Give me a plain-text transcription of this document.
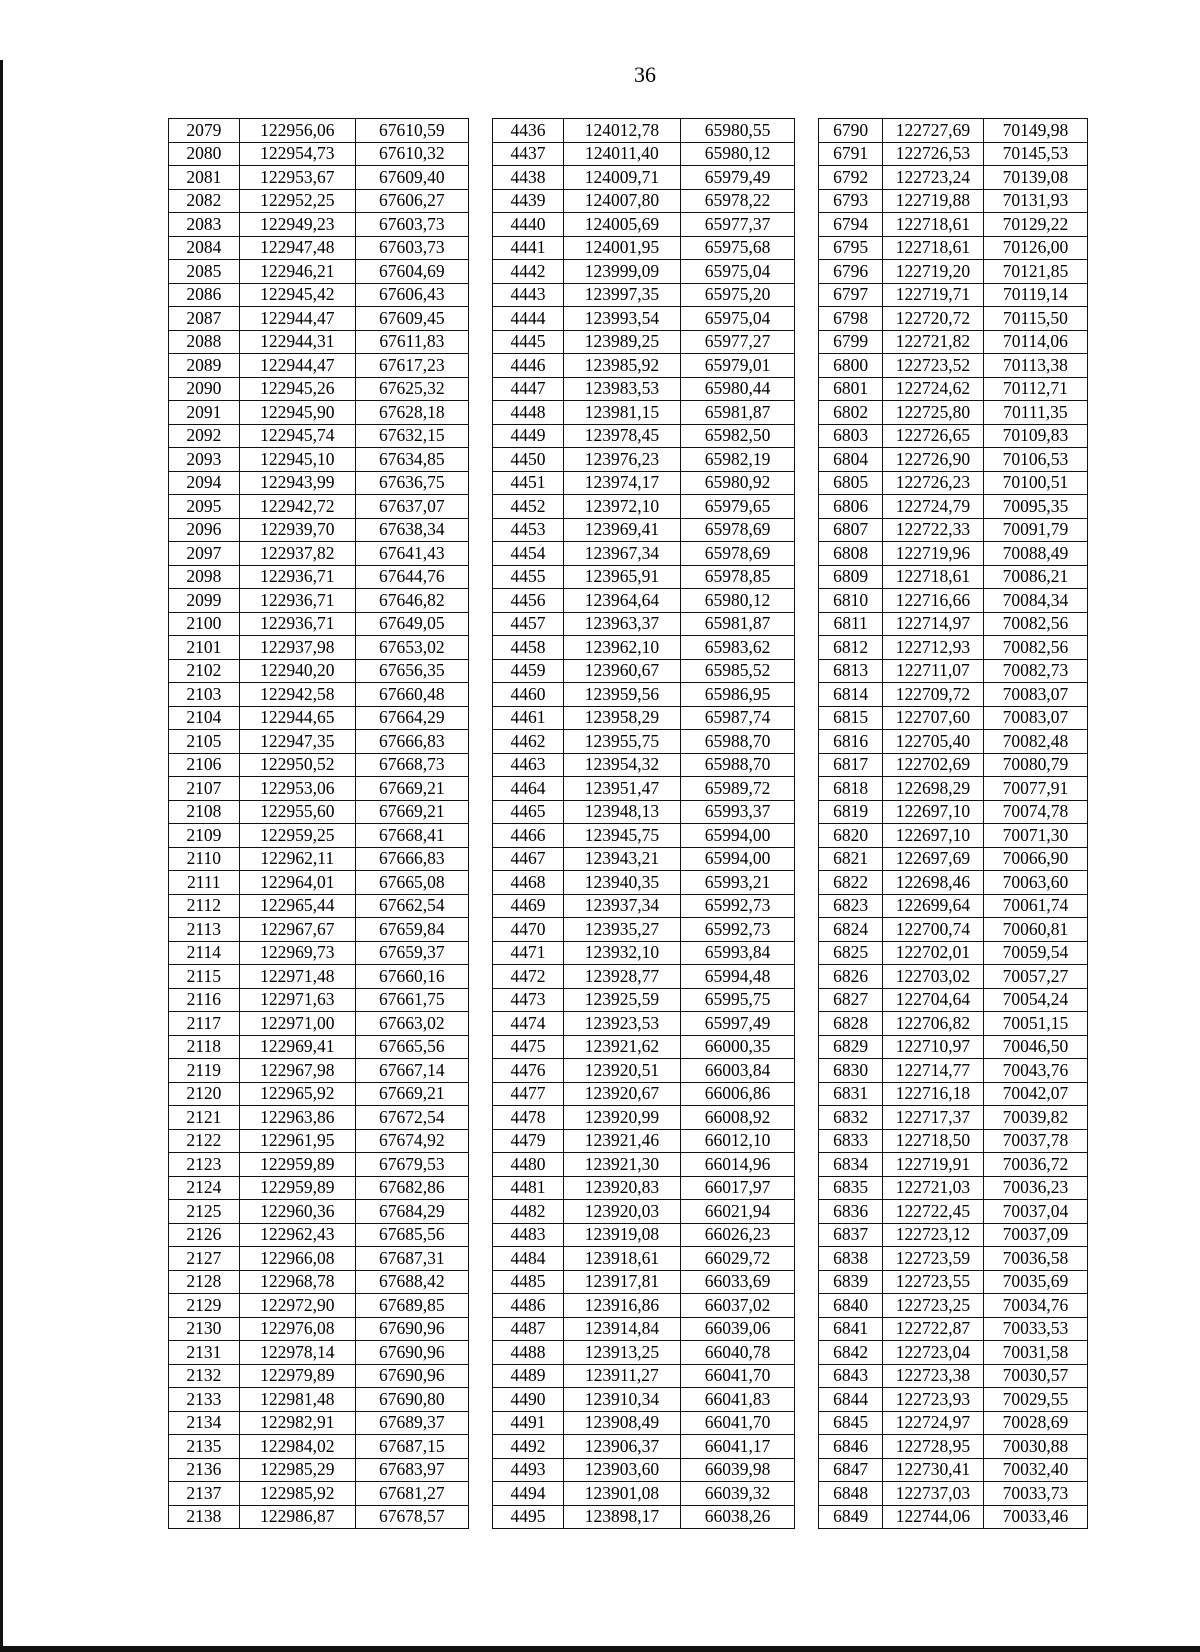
36
2079	122956,06	67610,59		4436	124012,78	65980,55		6790	122727,69	70149,98
2080	122954,73	67610,32		4437	124011,40	65980,12		6791	122726,53	70145,53
2081	122953,67	67609,40		4438	124009,71	65979,49		6792	122723,24	70139,08
2082	122952,25	67606,27		4439	124007,80	65978,22		6793	122719,88	70131,93
2083	122949,23	67603,73		4440	124005,69	65977,37		6794	122718,61	70129,22
2084	122947,48	67603,73		4441	124001,95	65975,68		6795	122718,61	70126,00
2085	122946,21	67604,69		4442	123999,09	65975,04		6796	122719,20	70121,85
2086	122945,42	67606,43		4443	123997,35	65975,20		6797	122719,71	70119,14
2087	122944,47	67609,45		4444	123993,54	65975,04		6798	122720,72	70115,50
2088	122944,31	67611,83		4445	123989,25	65977,27		6799	122721,82	70114,06
2089	122944,47	67617,23		4446	123985,92	65979,01		6800	122723,52	70113,38
2090	122945,26	67625,32		4447	123983,53	65980,44		6801	122724,62	70112,71
2091	122945,90	67628,18		4448	123981,15	65981,87		6802	122725,80	70111,35
2092	122945,74	67632,15		4449	123978,45	65982,50		6803	122726,65	70109,83
2093	122945,10	67634,85		4450	123976,23	65982,19		6804	122726,90	70106,53
2094	122943,99	67636,75		4451	123974,17	65980,92		6805	122726,23	70100,51
2095	122942,72	67637,07		4452	123972,10	65979,65		6806	122724,79	70095,35
2096	122939,70	67638,34		4453	123969,41	65978,69		6807	122722,33	70091,79
2097	122937,82	67641,43		4454	123967,34	65978,69		6808	122719,96	70088,49
2098	122936,71	67644,76		4455	123965,91	65978,85		6809	122718,61	70086,21
2099	122936,71	67646,82		4456	123964,64	65980,12		6810	122716,66	70084,34
2100	122936,71	67649,05		4457	123963,37	65981,87		6811	122714,97	70082,56
2101	122937,98	67653,02		4458	123962,10	65983,62		6812	122712,93	70082,56
2102	122940,20	67656,35		4459	123960,67	65985,52		6813	122711,07	70082,73
2103	122942,58	67660,48		4460	123959,56	65986,95		6814	122709,72	70083,07
2104	122944,65	67664,29		4461	123958,29	65987,74		6815	122707,60	70083,07
2105	122947,35	67666,83		4462	123955,75	65988,70		6816	122705,40	70082,48
2106	122950,52	67668,73		4463	123954,32	65988,70		6817	122702,69	70080,79
2107	122953,06	67669,21		4464	123951,47	65989,72		6818	122698,29	70077,91
2108	122955,60	67669,21		4465	123948,13	65993,37		6819	122697,10	70074,78
2109	122959,25	67668,41		4466	123945,75	65994,00		6820	122697,10	70071,30
2110	122962,11	67666,83		4467	123943,21	65994,00		6821	122697,69	70066,90
2111	122964,01	67665,08		4468	123940,35	65993,21		6822	122698,46	70063,60
2112	122965,44	67662,54		4469	123937,34	65992,73		6823	122699,64	70061,74
2113	122967,67	67659,84		4470	123935,27	65992,73		6824	122700,74	70060,81
2114	122969,73	67659,37		4471	123932,10	65993,84		6825	122702,01	70059,54
2115	122971,48	67660,16		4472	123928,77	65994,48		6826	122703,02	70057,27
2116	122971,63	67661,75		4473	123925,59	65995,75		6827	122704,64	70054,24
2117	122971,00	67663,02		4474	123923,53	65997,49		6828	122706,82	70051,15
2118	122969,41	67665,56		4475	123921,62	66000,35		6829	122710,97	70046,50
2119	122967,98	67667,14		4476	123920,51	66003,84		6830	122714,77	70043,76
2120	122965,92	67669,21		4477	123920,67	66006,86		6831	122716,18	70042,07
2121	122963,86	67672,54		4478	123920,99	66008,92		6832	122717,37	70039,82
2122	122961,95	67674,92		4479	123921,46	66012,10		6833	122718,50	70037,78
2123	122959,89	67679,53		4480	123921,30	66014,96		6834	122719,91	70036,72
2124	122959,89	67682,86		4481	123920,83	66017,97		6835	122721,03	70036,23
2125	122960,36	67684,29		4482	123920,03	66021,94		6836	122722,45	70037,04
2126	122962,43	67685,56		4483	123919,08	66026,23		6837	122723,12	70037,09
2127	122966,08	67687,31		4484	123918,61	66029,72		6838	122723,59	70036,58
2128	122968,78	67688,42		4485	123917,81	66033,69		6839	122723,55	70035,69
2129	122972,90	67689,85		4486	123916,86	66037,02		6840	122723,25	70034,76
2130	122976,08	67690,96		4487	123914,84	66039,06		6841	122722,87	70033,53
2131	122978,14	67690,96		4488	123913,25	66040,78		6842	122723,04	70031,58
2132	122979,89	67690,96		4489	123911,27	66041,70		6843	122723,38	70030,57
2133	122981,48	67690,80		4490	123910,34	66041,83		6844	122723,93	70029,55
2134	122982,91	67689,37		4491	123908,49	66041,70		6845	122724,97	70028,69
2135	122984,02	67687,15		4492	123906,37	66041,17		6846	122728,95	70030,88
2136	122985,29	67683,97		4493	123903,60	66039,98		6847	122730,41	70032,40
2137	122985,92	67681,27		4494	123901,08	66039,32		6848	122737,03	70033,73
2138	122986,87	67678,57		4495	123898,17	66038,26		6849	122744,06	70033,46
